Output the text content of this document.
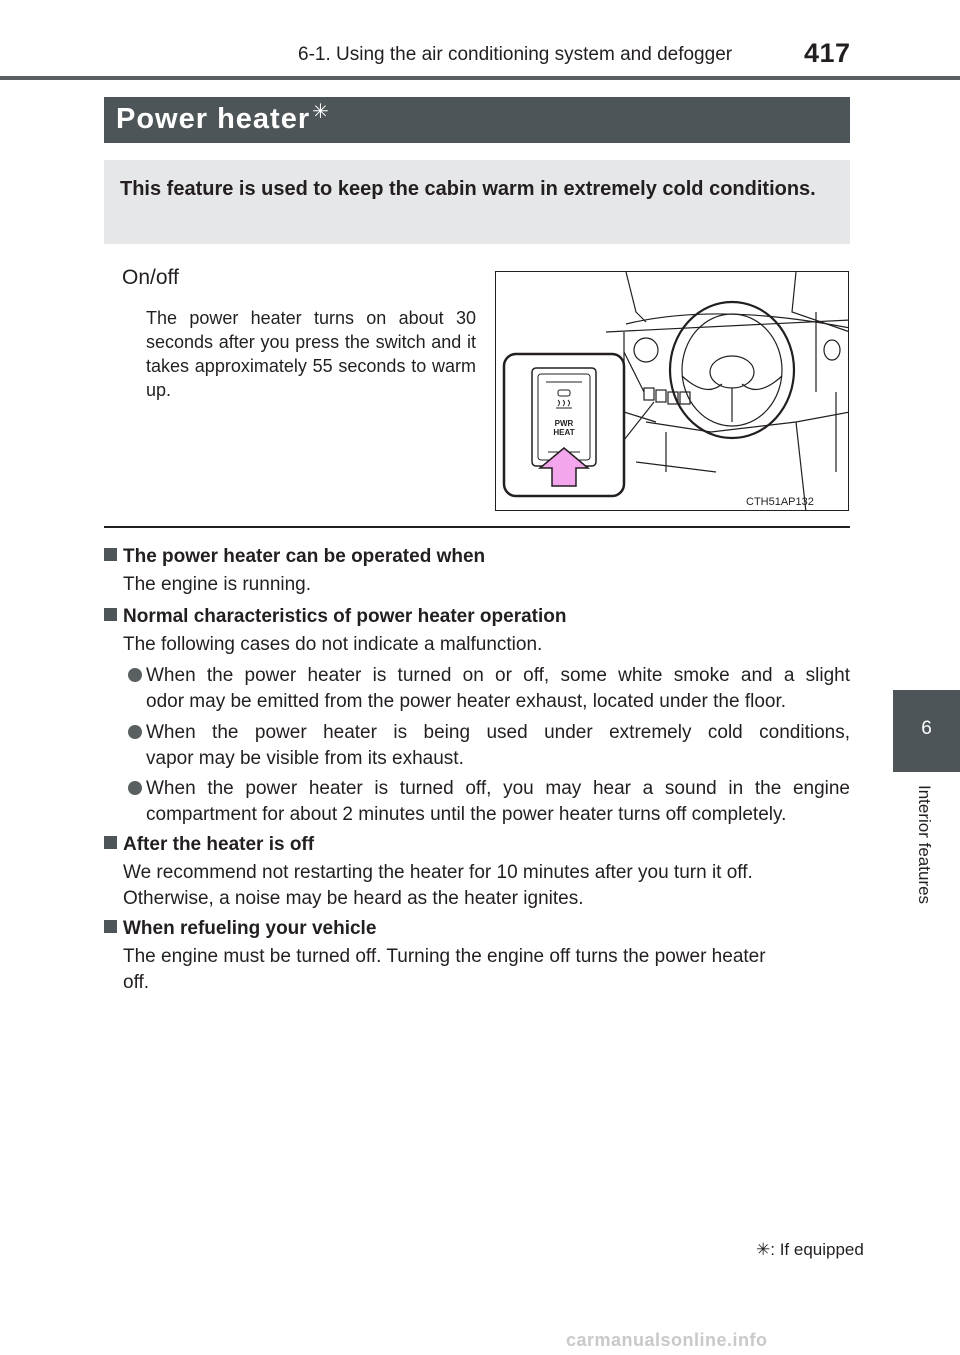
6-1. Using the air conditioning system and defogger	417
Power heater ✳

This feature is used to keep the cabin warm in extremely cold conditions.

On/off

The power heater turns on about 30 seconds after you press the switch and it takes approximately 55 seconds to warm up.

PWR
HEAT
CTH51AP132
The power heater can be operated when

The engine is running.

Normal characteristics of power heater operation

The following cases do not indicate a malfunction.

When the power heater is turned on or off, some white smoke and a slight

odor may be emitted from the power heater exhaust, located under the floor.

When the power heater is being used under extremely cold conditions,

vapor may be visible from its exhaust.

When the power heater is turned off, you may hear a sound in the engine

compartment for about 2 minutes until the power heater turns off completely.

After the heater is off

We recommend not restarting the heater for 10 minutes after you turn it off.
Otherwise, a noise may be heard as the heater ignites.

When refueling your vehicle

The engine must be turned off. Turning the engine off turns the power heater
off.

✳: If equipped
6
Interior features
carmanualsonline.info
